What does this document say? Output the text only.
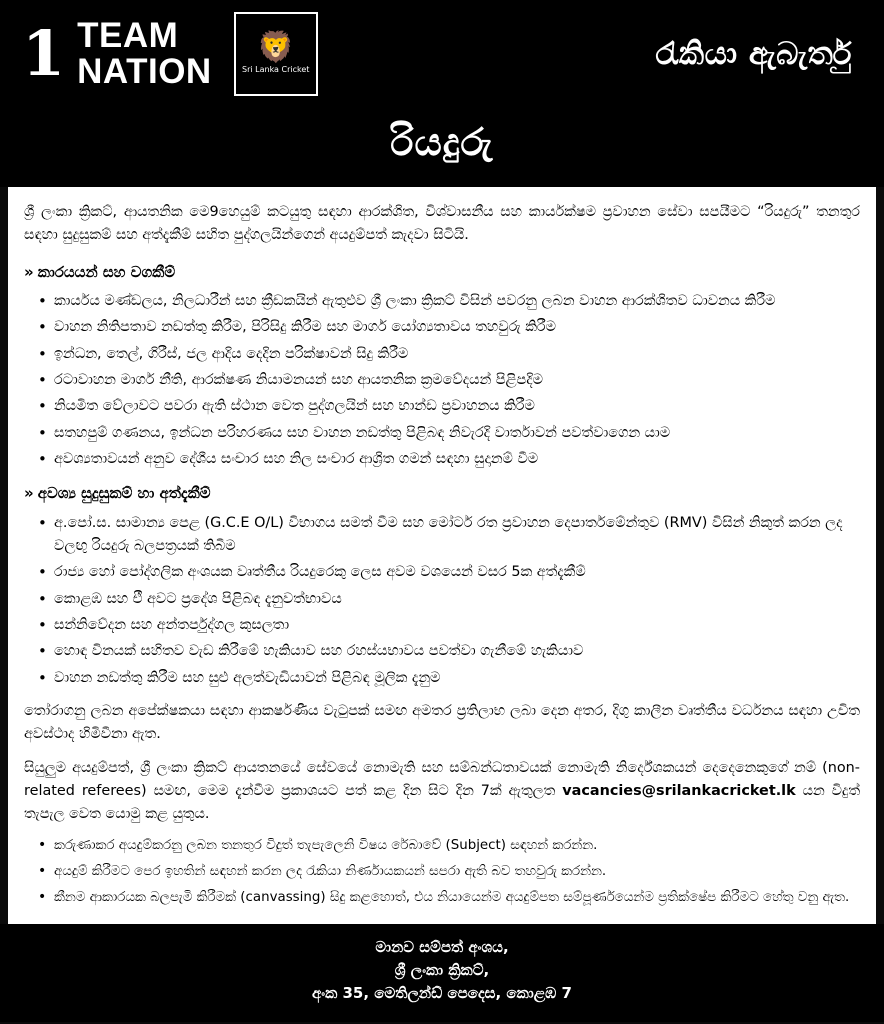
1 TEAM
NATION
🦁
Sri Lanka Cricket	රැකියා ඇබැර්තු
රියදුරු

ශ්‍රී ලංකා ක්‍රිකට්, ආයතනික මෙ9හෙයුම් කටයුතු සඳහා ආරක්ශිත, විශ්වාසනීය සහ කාර්යක්ෂම ප්‍රවාහන සේවා සපයීමට “රියදුරු” තනතුර සඳහා සුදුසුකම් සහ අත්දැකීම් සහිත පුද්ගලයින්ගෙන් අයදුම්පත් කැදවා සිටියි.

» කාරයයන් සහ වගකීම්
• කාර්යය මණ්ඩලය, නිලධාරීන් සහ ක්‍රීඩකයින් ඇතුළුව ශ්‍රී ලංකා ක්‍රිකට් විසින් පවරනු ලබන වාහන ආරක්ශිතව ධාවනය කිරීම
• වාහන නිතිපතාව නඩත්තු කිරීම, පිරිසිදු කිරීම සහ මාර්ග යෝග්‍යතාවය තහවුරු කිරීම
• ඉන්ධන, තෙල්, ගිරීස්, ජල ආදිය දෙදින පරික්ෂාවන් සිදු කිරීම
• රටාවාහන මාර්ග නීති, ආරක්ෂණ නියාමනයන් සහ ආයතනික ක්‍රමවේදයන් පිළිපදිම
• නියමිත වේලාවට පවරා ඇති ස්ථාන වෙත පුද්ගලයින් සහ භාන්ඩ ප්‍රවාහනය කිරීම
• සතහපුම් ගණනය, ඉන්ධන පරිහරණය සහ වාහන නඩත්තු පිළිබඳ නිවැරදි වාර්තාවන් පවත්වාගෙන යාම
• අවශ්‍යතාවයන් අනුව දේශීය සංචාර සහ නිල සංචාර ආශ්‍රිත ගමන් සඳහා සුදානම් වීම
» අවශ්‍ය සුදුසුකම් හා අත්දැකීම්
• අ.පෝ.ස. සාමාන්‍ය පෙළ (G.C.E O/L) විභාගය සමත් වීම සහ මෝටර් රත ප්‍රවාහන දෙපාර්තමේන්තුව (RMV) විසින් නිකුත් කරන ලද වලඟු රියදුරු බලපත්‍රයක් තිබීම
• රාජ්‍ය හෝ පෝද්ගලික අංශයක වෘත්තීය රියදුරෙකු ලෙස අවම වශයෙන් වසර 5ක අත්දැකීම්
• කොළඹ සහ එී අවට ප්‍රදේශ පිළිබඳ දැනුවත්භාවය
• සන්නිවේදන සහ අන්තර්පුද්ගල කුසලතා
• හොඳ විනයක් සහිතව වැඩ කිරීමේ හැකියාව සහ රහස්යභාවය පවත්වා ගැනීමේ හැකියාව
• වාහන නඩත්තු කිරීම සහ සුළු අලත්වැඩියාවන් පිළිබඳ මූලික දැනුම

තෝරාගනු ලබන අපේක්ෂකයා සඳහා ආකර්ෂණීය වැටුපක් සමඟ අමතර ප්‍රතිලාභ ලබා දෙන අතර, දිගු කාලීන වෘත්තීය වර්ධනය සඳහා උචිත අවස්ථාද හිමිවීනා ඇත.

සියුලුම අයදුම්පත්, ශ්‍රී ලංකා ක්‍රිකට් ආයතනයේ සේවයේ නොමැති සහ සම්බන්ධතාවයක් නොමැති නිර්දේශකයන් දෙදෙනෙකුගේ නම් (non-related referees) සමඟ, මෙම දැන්වීම ප්‍රකාශයට පත් කළ දින සිට දින 7ක් ඇතුලත vacancies@srilankacricket.lk යන විදුත් තැපැල වෙත යොමු කළ යුතුය.

• කරුණාකර අයදුම්කරනු ලබන තනතුර විදුත් තැපැලෙනි විෂය රේබාවේ (Subject) සඳහන් කරන්න.
• අයදුම් කිරීමට පෙර ඉහතින් සඳහන් කරන ලද රැකියා නිර්ණායකයන් සපරා ඇති බව තහවුරු කරන්න.
• කීනම ආකාරයක බලපැමි කිරීමක් (canvassing) සිදු කළහොත්, එය නියායෙන්ම අයදුම්පත සම්පූර්ණයෙන්ම ප්‍රතික්ෂේප කිරීමට හේතු වනු ඇත.
මානව සම්පත් අංශය,
ශ්‍රී ලංකා ක්‍රිකට්,
අංක 35, මෙතිලන්ඩ් පෙදෙස, කොළඹ 7
